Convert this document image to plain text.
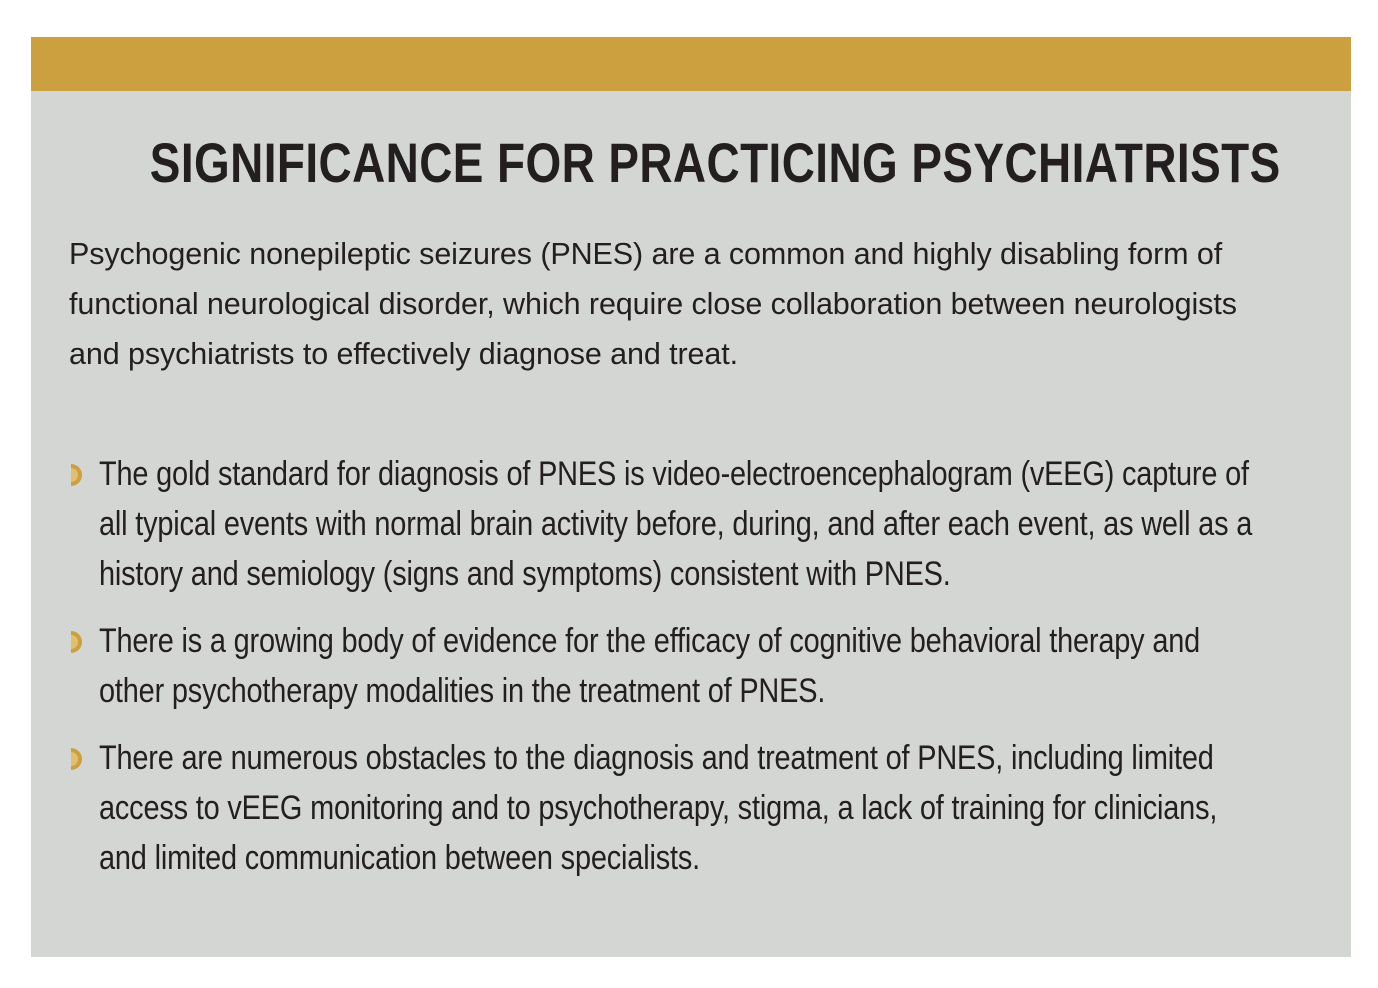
SIGNIFICANCE FOR PRACTICING PSYCHIATRISTS

Psychogenic nonepileptic seizures (PNES) are a common and highly disabling form of functional neurological disorder, which require close collaboration between neurologists and psychiatrists to effectively diagnose and treat.

The gold standard for diagnosis of PNES is video-electroencephalogram (vEEG) capture of all typical events with normal brain activity before, during, and after each event, as well as a history and semiology (signs and symptoms) consistent with PNES.
There is a growing body of evidence for the efficacy of cognitive behavioral therapy and other psychotherapy modalities in the treatment of PNES.
There are numerous obstacles to the diagnosis and treatment of PNES, including limited access to vEEG monitoring and to psychotherapy, stigma, a lack of training for clinicians, and limited communication between specialists.
